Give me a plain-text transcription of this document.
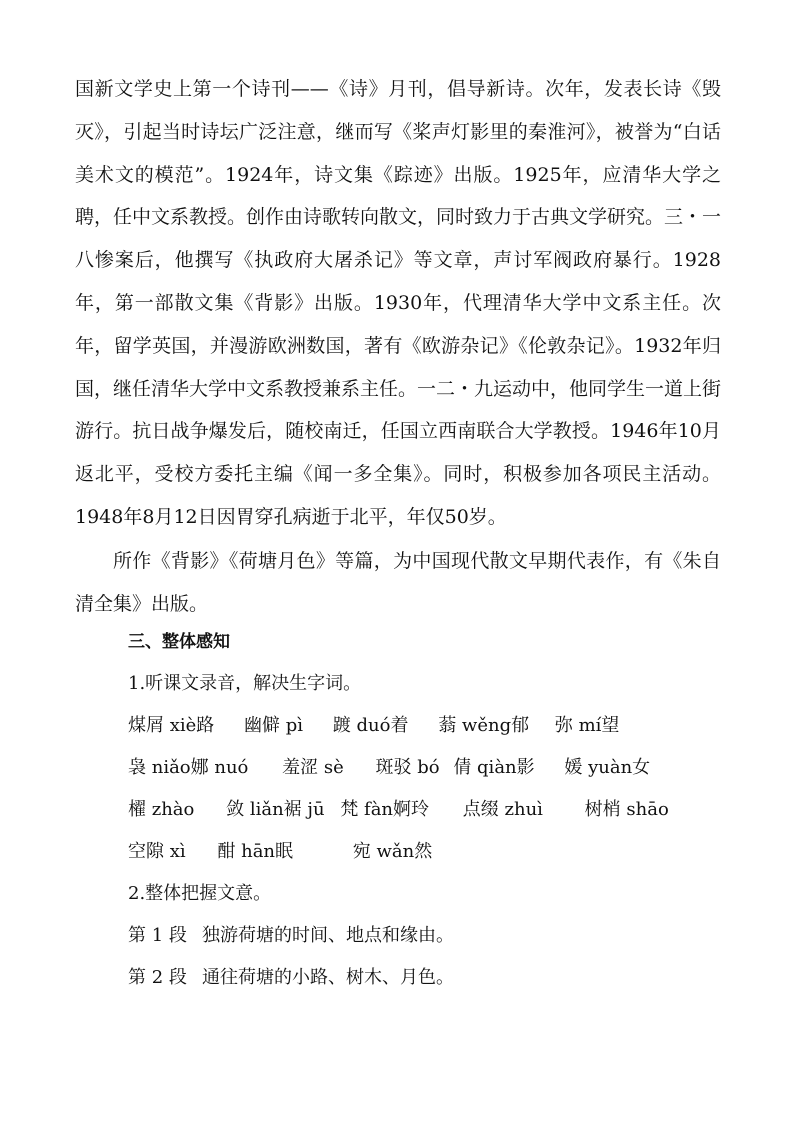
国新文学史上第一个诗刊——《诗》月刊，倡导新诗。次年，发表长诗《毁灭》，引起当时诗坛广泛注意，继而写《桨声灯影里的秦淮河》，被誉为“白话美术文的模范”。1924年，诗文集《踪迹》出版。1925年，应清华大学之聘，任中文系教授。创作由诗歌转向散文，同时致力于古典文学研究。三・一八惨案后，他撰写《执政府大屠杀记》等文章，声讨军阀政府暴行。1928年，第一部散文集《背影》出版。1930年，代理清华大学中文系主任。次年，留学英国，并漫游欧洲数国，著有《欧游杂记》《伦敦杂记》。1932年归国，继任清华大学中文系教授兼系主任。一二・九运动中，他同学生一道上街游行。抗日战争爆发后，随校南迁，任国立西南联合大学教授。1946年10月返北平，受校方委托主编《闻一多全集》。同时，积极参加各项民主活动。1948年8月12日因胃穿孔病逝于北平，年仅50岁。

所作《背影》《荷塘月色》等篇，为中国现代散文早期代表作，有《朱自清全集》出版。

三、整体感知

1.听课文录音，解决生字词。

煤屑 xiè路 幽僻 pì 踱 duó着 蓊 wěng郁 弥 mí望

袅 niǎo娜 nuó 羞涩 sè 斑驳 bó 倩 qiàn影 媛 yuàn女

櫂 zhào 敛 liǎn裾 jū 梵 fàn婀玲 点缀 zhuì 树梢 shāo

空隙 xì 酣 hān眠	宛 wǎn然

2.整体把握文意。

第 1 段 独游荷塘的时间、地点和缘由。

第 2 段 通往荷塘的小路、树木、月色。
